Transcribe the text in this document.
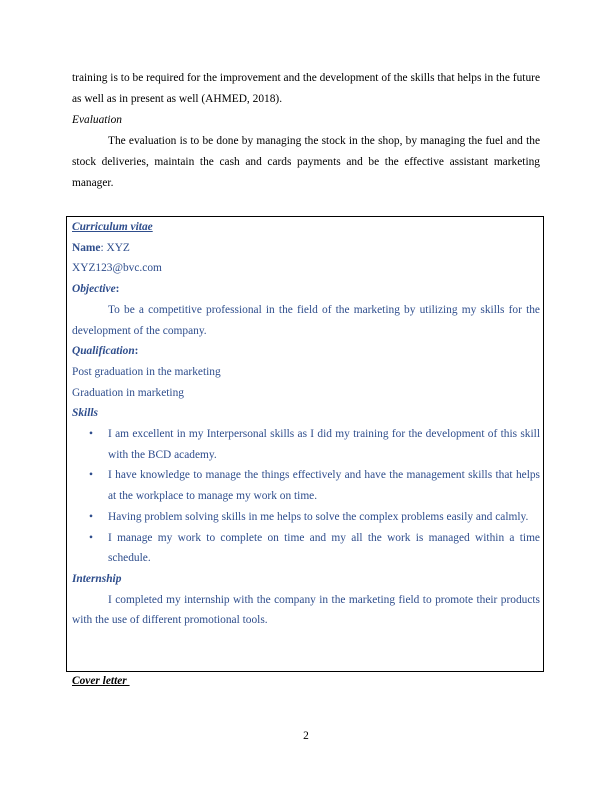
training is to be required for the improvement and the development of the skills that helps in the future as well as in present as well (AHMED, 2018).
Evaluation
The evaluation is to be done by managing the stock in the shop, by managing the fuel and the stock deliveries, maintain the cash and cards payments and be the effective assistant marketing manager.
Curriculum vitae
Name: XYZ
XYZ123@bvc.com
Objective:
To be a competitive professional in the field of the marketing by utilizing my skills for the development of the company.
Qualification:
Post graduation in the marketing
Graduation in marketing
Skills
• I am excellent in my Interpersonal skills as I did my training for the development of this skill with the BCD academy.
• I have knowledge to manage the things effectively and have the management skills that helps at the workplace to manage my work on time.
• Having problem solving skills in me helps to solve the complex problems easily and calmly.
• I manage my work to complete on time and my all the work is managed within a time schedule.
Internship
I completed my internship with the company in the marketing field to promote their products with the use of different promotional tools.
Cover letter
2
